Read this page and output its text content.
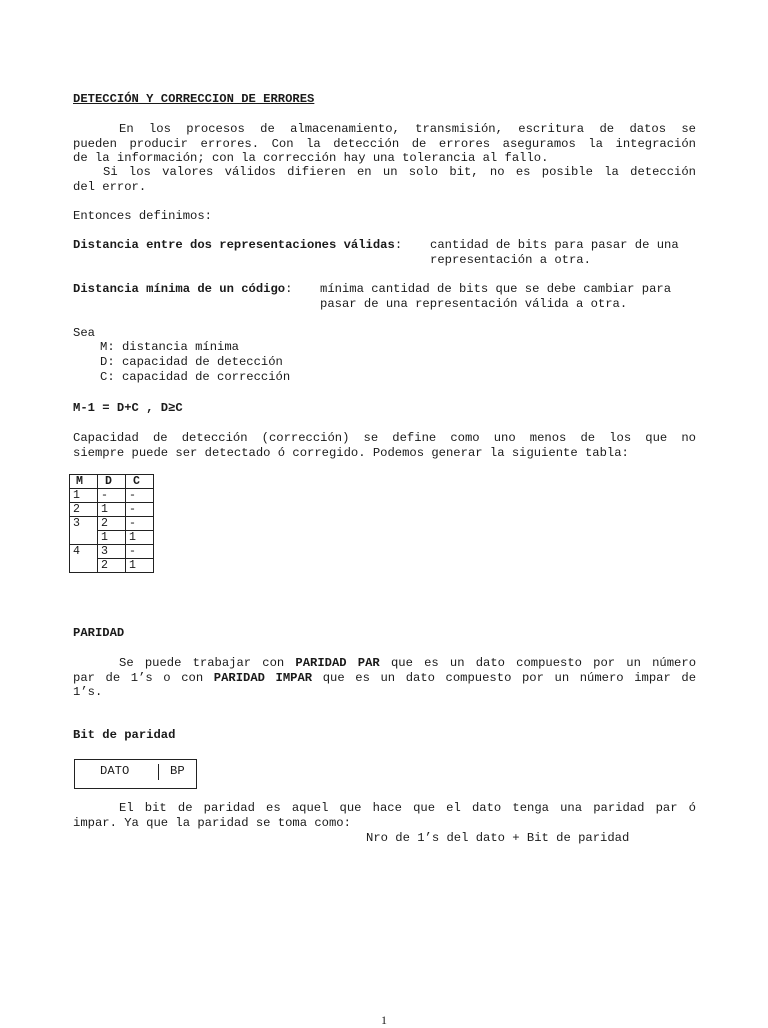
DETECCIÓN Y CORRECCION DE ERRORES
En los procesos de almacenamiento, transmisión, escritura de datos se
pueden producir errores. Con la detección de errores aseguramos la integración
de la información; con la corrección hay una tolerancia al fallo.
Si los valores válidos difieren en un solo bit, no es posible la detección
del error.
Entonces definimos:
Distancia entre dos representaciones válidas: cantidad de bits para pasar de una
representación a otra.
Distancia mínima de un código: mínima cantidad de bits que se debe cambiar para
pasar de una representación válida a otra.
Sea
M: distancia mínima
D: capacidad de detección
C: capacidad de corrección
M-1 = D+C , D≥C
Capacidad de detección (corrección) se define como uno menos de los que no
siempre puede ser detectado ó corregido. Podemos generar la siguiente tabla:
M	D	C
1	-	-
2	1	-
3	2	-
	1	1
4	3	-
	2	1
PARIDAD
Se puede trabajar con PARIDAD PAR que es un dato compuesto por un número
par de 1’s o con PARIDAD IMPAR que es un dato compuesto por un número impar de
1’s.
Bit de paridad
DATO	BP
El bit de paridad es aquel que hace que el dato tenga una paridad par ó
impar. Ya que la paridad se toma como:
Nro de 1’s del dato + Bit de paridad
1
